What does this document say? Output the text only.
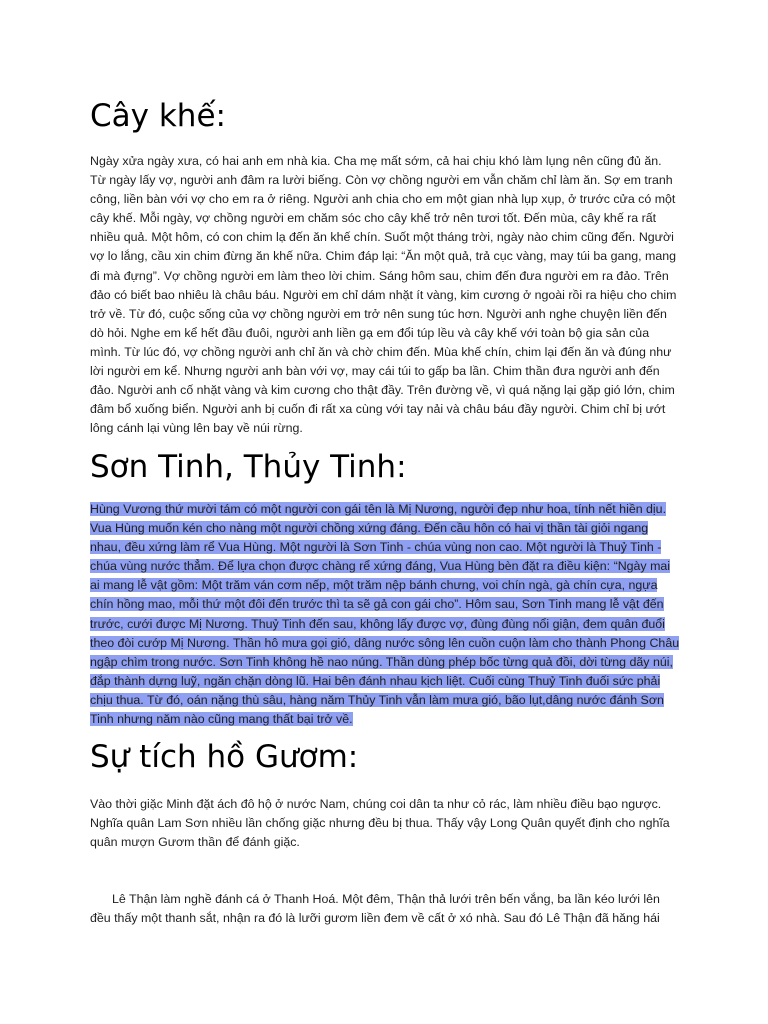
Cây khế:

Ngày xửa ngày xưa, có hai anh em nhà kia. Cha mẹ mất sớm, cả hai chịu khó làm lụng nên cũng đủ ăn. Từ ngày lấy vợ, người anh đâm ra lười biếng. Còn vợ chồng người em vẫn chăm chỉ làm ăn. Sợ em tranh công, liền bàn với vợ cho em ra ở riêng. Người anh chia cho em một gian nhà lụp xụp, ở trước cửa có một cây khế. Mỗi ngày, vợ chồng người em chăm sóc cho cây khế trở nên tươi tốt. Đến mùa, cây khế ra rất nhiều quả. Một hôm, có con chim lạ đến ăn khế chín. Suốt một tháng trời, ngày nào chim cũng đến. Người vợ lo lắng, cầu xin chim đừng ăn khế nữa. Chim đáp lại: “Ăn một quả, trả cục vàng, may túi ba gang, mang đi mà đựng”. Vợ chồng người em làm theo lời chim. Sáng hôm sau, chim đến đưa người em ra đảo. Trên đảo có biết bao nhiêu là châu báu. Người em chỉ dám nhặt ít vàng, kim cương ở ngoài rồi ra hiệu cho chim trở về. Từ đó, cuộc sống của vợ chồng người em trở nên sung túc hơn. Người anh nghe chuyện liền đến dò hỏi. Nghe em kể hết đầu đuôi, người anh liền gạ em đổi túp lều và cây khế với toàn bộ gia sản của mình. Từ lúc đó, vợ chồng người anh chỉ ăn và chờ chim đến. Mùa khế chín, chim lại đến ăn và đúng như lời người em kể. Nhưng người anh bàn với vợ, may cái túi to gấp ba lần. Chim thần đưa người anh đến đảo. Người anh cố nhặt vàng và kim cương cho thật đầy. Trên đường về, vì quá nặng lại gặp gió lớn, chim đâm bổ xuống biển. Người anh bị cuốn đi rất xa cùng với tay nải và châu báu đầy người. Chim chỉ bị ướt lông cánh lại vùng lên bay về núi rừng.

Sơn Tinh, Thủy Tinh:

Hùng Vương thứ mười tám có một người con gái tên là Mị Nương, người đẹp như hoa, tính nết hiền dịu. Vua Hùng muốn kén cho nàng một người chồng xứng đáng. Đến cầu hôn có hai vị thần tài giỏi ngang nhau, đều xứng làm rể Vua Hùng. Một người là Sơn Tinh - chúa vùng non cao. Một người là Thuỷ Tinh - chúa vùng nước thẳm. Để lựa chọn được chàng rể xứng đáng, Vua Hùng bèn đặt ra điều kiện: “Ngày mai ai mang lễ vật gồm: Một trăm ván cơm nếp, một trăm nệp bánh chưng, voi chín ngà, gà chín cựa, ngựa chín hồng mao, mỗi thứ một đôi đến trước thì ta sẽ gả con gái cho”. Hôm sau, Sơn Tinh mang lễ vật đến trước, cưới được Mị Nương. Thuỷ Tinh đến sau, không lấy được vợ, đùng đùng nổi giận, đem quân đuổi theo đòi cướp Mị Nương. Thần hô mưa gọi gió, dâng nước sông lên cuồn cuộn làm cho thành Phong Châu ngập chìm trong nước. Sơn Tinh không hề nao núng. Thần dùng phép bốc từng quả đồi, dời từng dãy núi, đắp thành dựng luỹ, ngăn chặn dòng lũ. Hai bên đánh nhau kịch liệt. Cuối cùng Thuỷ Tinh đuối sức phải chịu thua. Từ đó, oán nặng thù sâu, hàng năm Thủy Tinh vẫn làm mưa gió, bão lụt,dâng nước đánh Sơn Tinh nhưng năm nào cũng mang thất bại trở về.

Sự tích hồ Gươm:

Vào thời giặc Minh đặt ách đô hộ ở nước Nam, chúng coi dân ta như cỏ rác, làm nhiều điều bạo ngược. Nghĩa quân Lam Sơn nhiều lần chống giặc nhưng đều bị thua. Thấy vậy Long Quân quyết định cho nghĩa quân mượn Gươm thần để đánh giặc.

Lê Thận làm nghề đánh cá ở Thanh Hoá. Một đêm, Thận thả lưới trên bến vắng, ba lần kéo lưới lên đều thấy một thanh sắt, nhận ra đó là lưỡi gươm liền đem về cất ở xó nhà. Sau đó Lê Thận đã hăng hái
